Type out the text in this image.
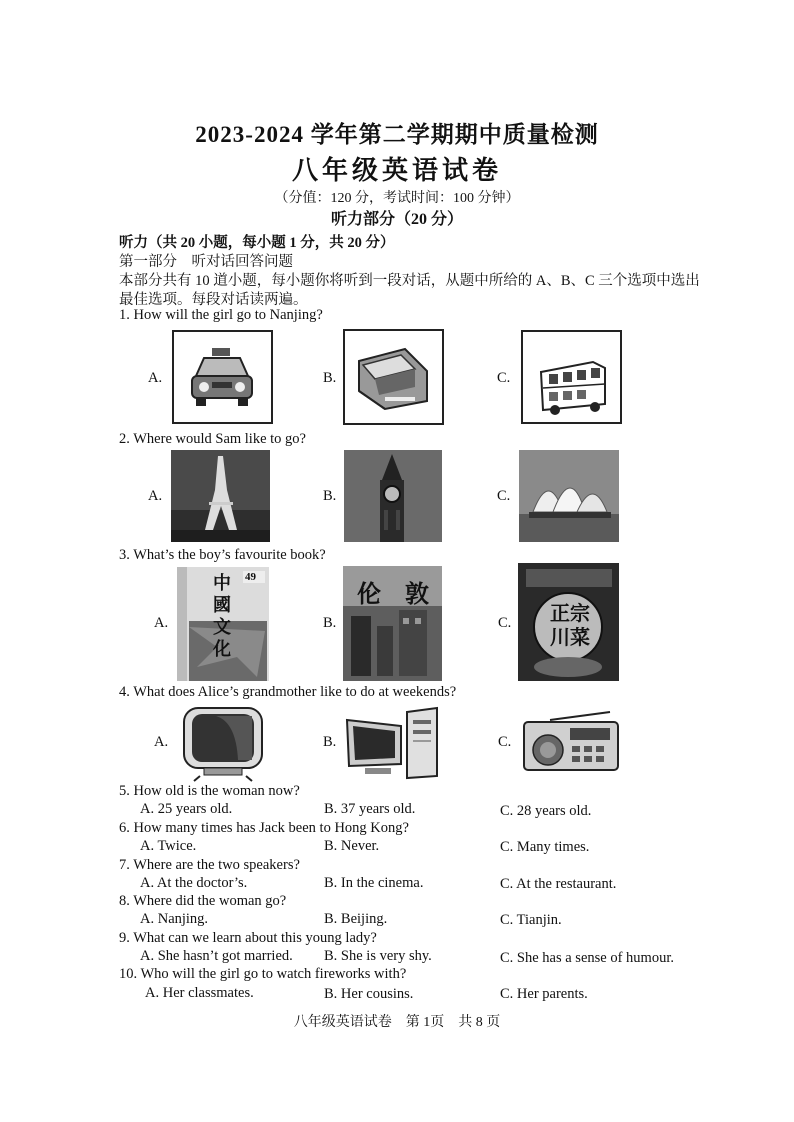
2023-2024 学年第二学期期中质量检测
八年级英语试卷
（分值：120 分，考试时间：100 分钟）
听力部分（20 分）
听力（共 20 小题，每小题 1 分，共 20 分）
第一部分　听对话回答问题
本部分共有 10 道小题，每小题你将听到一段对话，从题中所给的 A、B、C 三个选项中选出
最佳选项。每段对话读两遍。
1. How will the girl go to Nanjing?
A.	B.	C.
2. Where would Sam like to go?
A.	B.	C.
3. What’s the boy’s favourite book?
A.
中國文化
49
B.
伦　敦
C. 正宗川菜
4. What does Alice’s grandmother like to do at weekends?
A.	B.	C.
5. How old is the woman now?
A. 25 years old.	B. 37 years old.	C. 28 years old.
6. How many times has Jack been to Hong Kong?
A. Twice.	B. Never.	C. Many times.
7. Where are the two speakers?
A. At the doctor’s.	B. In the cinema.	C. At the restaurant.
8. Where did the woman go?
A. Nanjing.	B. Beijing.	C. Tianjin.
9. What can we learn about this young lady?
A. She hasn’t got married. B. She is very shy.	C. She has a sense of humour.
10. Who will the girl go to watch fireworks with?
A. Her classmates.	B. Her cousins.	C. Her parents.
八年级英语试卷　第 1页　共 8 页
